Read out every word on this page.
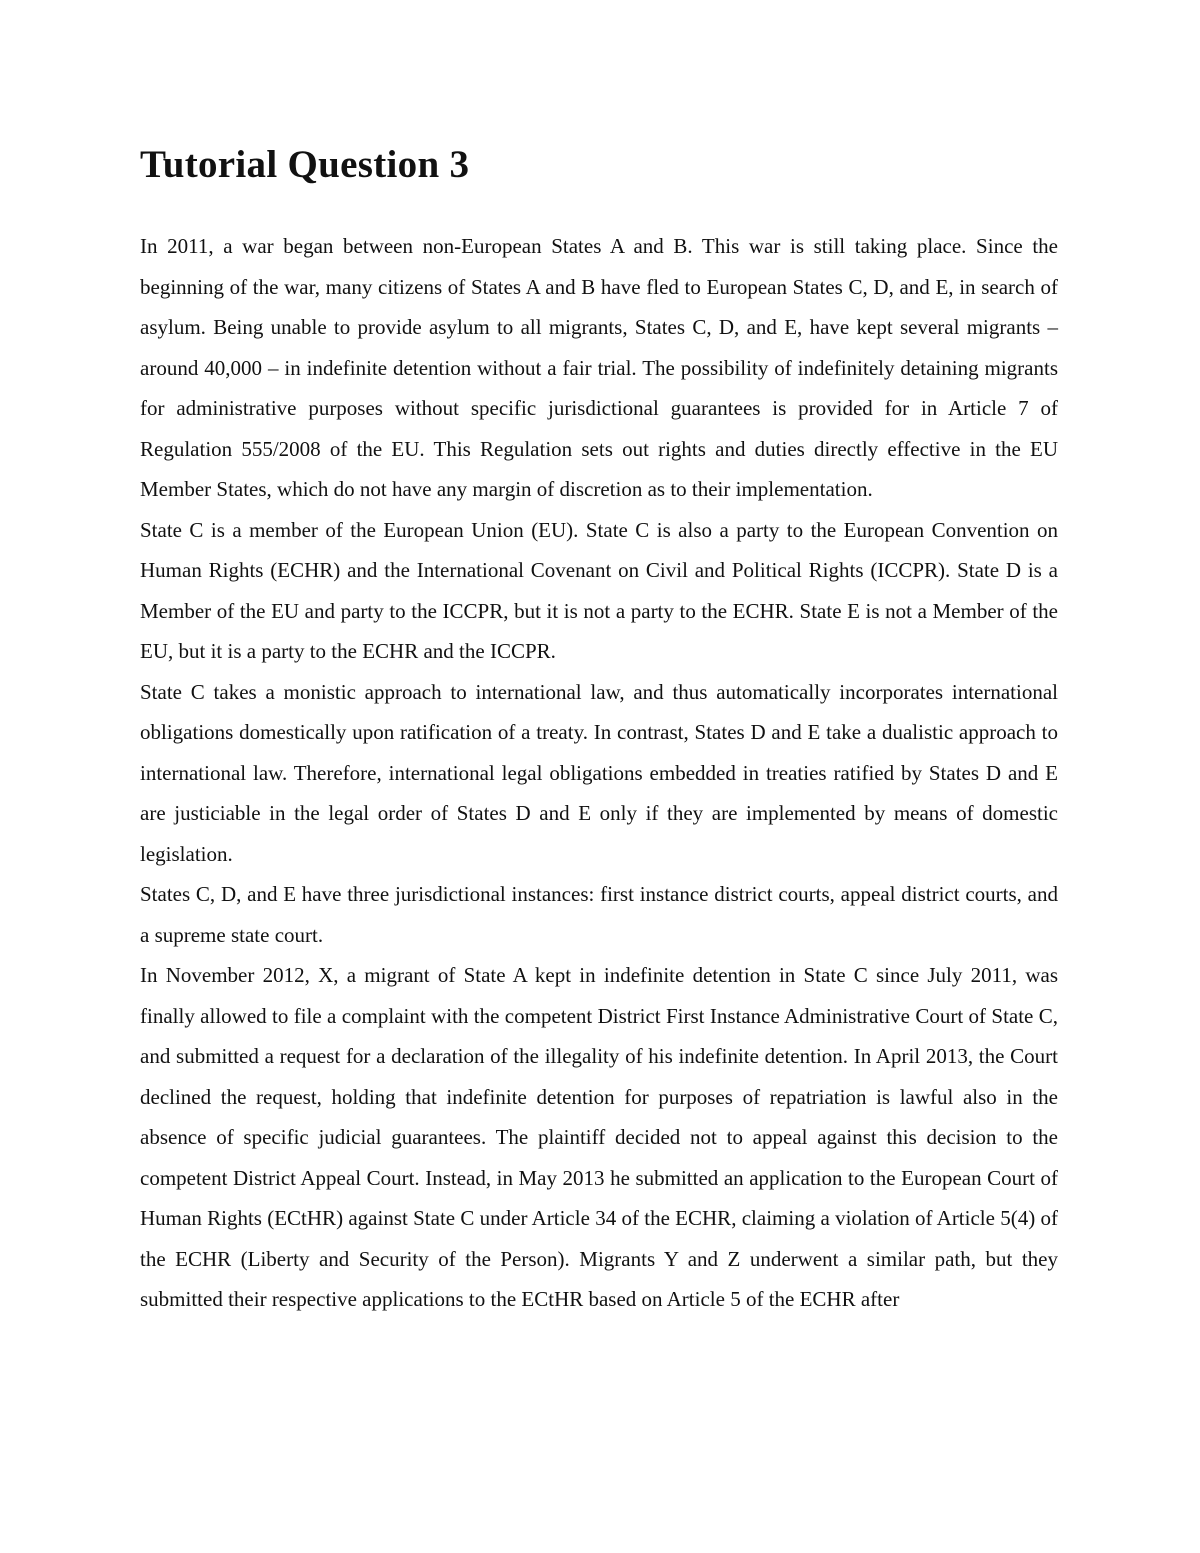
Tutorial Question 3

In 2011, a war began between non-European States A and B. This war is still taking place. Since the beginning of the war, many citizens of States A and B have fled to European States C, D, and E, in search of asylum. Being unable to provide asylum to all migrants, States C, D, and E, have kept several migrants – around 40,000 – in indefinite detention without a fair trial. The possibility of indefinitely detaining migrants for administrative purposes without specific jurisdictional guarantees is provided for in Article 7 of Regulation 555/2008 of the EU. This Regulation sets out rights and duties directly effective in the EU Member States, which do not have any margin of discretion as to their implementation.

State C is a member of the European Union (EU). State C is also a party to the European Convention on Human Rights (ECHR) and the International Covenant on Civil and Political Rights (ICCPR). State D is a Member of the EU and party to the ICCPR, but it is not a party to the ECHR. State E is not a Member of the EU, but it is a party to the ECHR and the ICCPR.

State C takes a monistic approach to international law, and thus automatically incorporates international obligations domestically upon ratification of a treaty. In contrast, States D and E take a dualistic approach to international law. Therefore, international legal obligations embedded in treaties ratified by States D and E are justiciable in the legal order of States D and E only if they are implemented by means of domestic legislation.

States C, D, and E have three jurisdictional instances: first instance district courts, appeal district courts, and a supreme state court.

In November 2012, X, a migrant of State A kept in indefinite detention in State C since July 2011, was finally allowed to file a complaint with the competent District First Instance Administrative Court of State C, and submitted a request for a declaration of the illegality of his indefinite detention. In April 2013, the Court declined the request, holding that indefinite detention for purposes of repatriation is lawful also in the absence of specific judicial guarantees. The plaintiff decided not to appeal against this decision to the competent District Appeal Court. Instead, in May 2013 he submitted an application to the European Court of Human Rights (ECtHR) against State C under Article 34 of the ECHR, claiming a violation of Article 5(4) of the ECHR (Liberty and Security of the Person). Migrants Y and Z underwent a similar path, but they submitted their respective applications to the ECtHR based on Article 5 of the ECHR after
